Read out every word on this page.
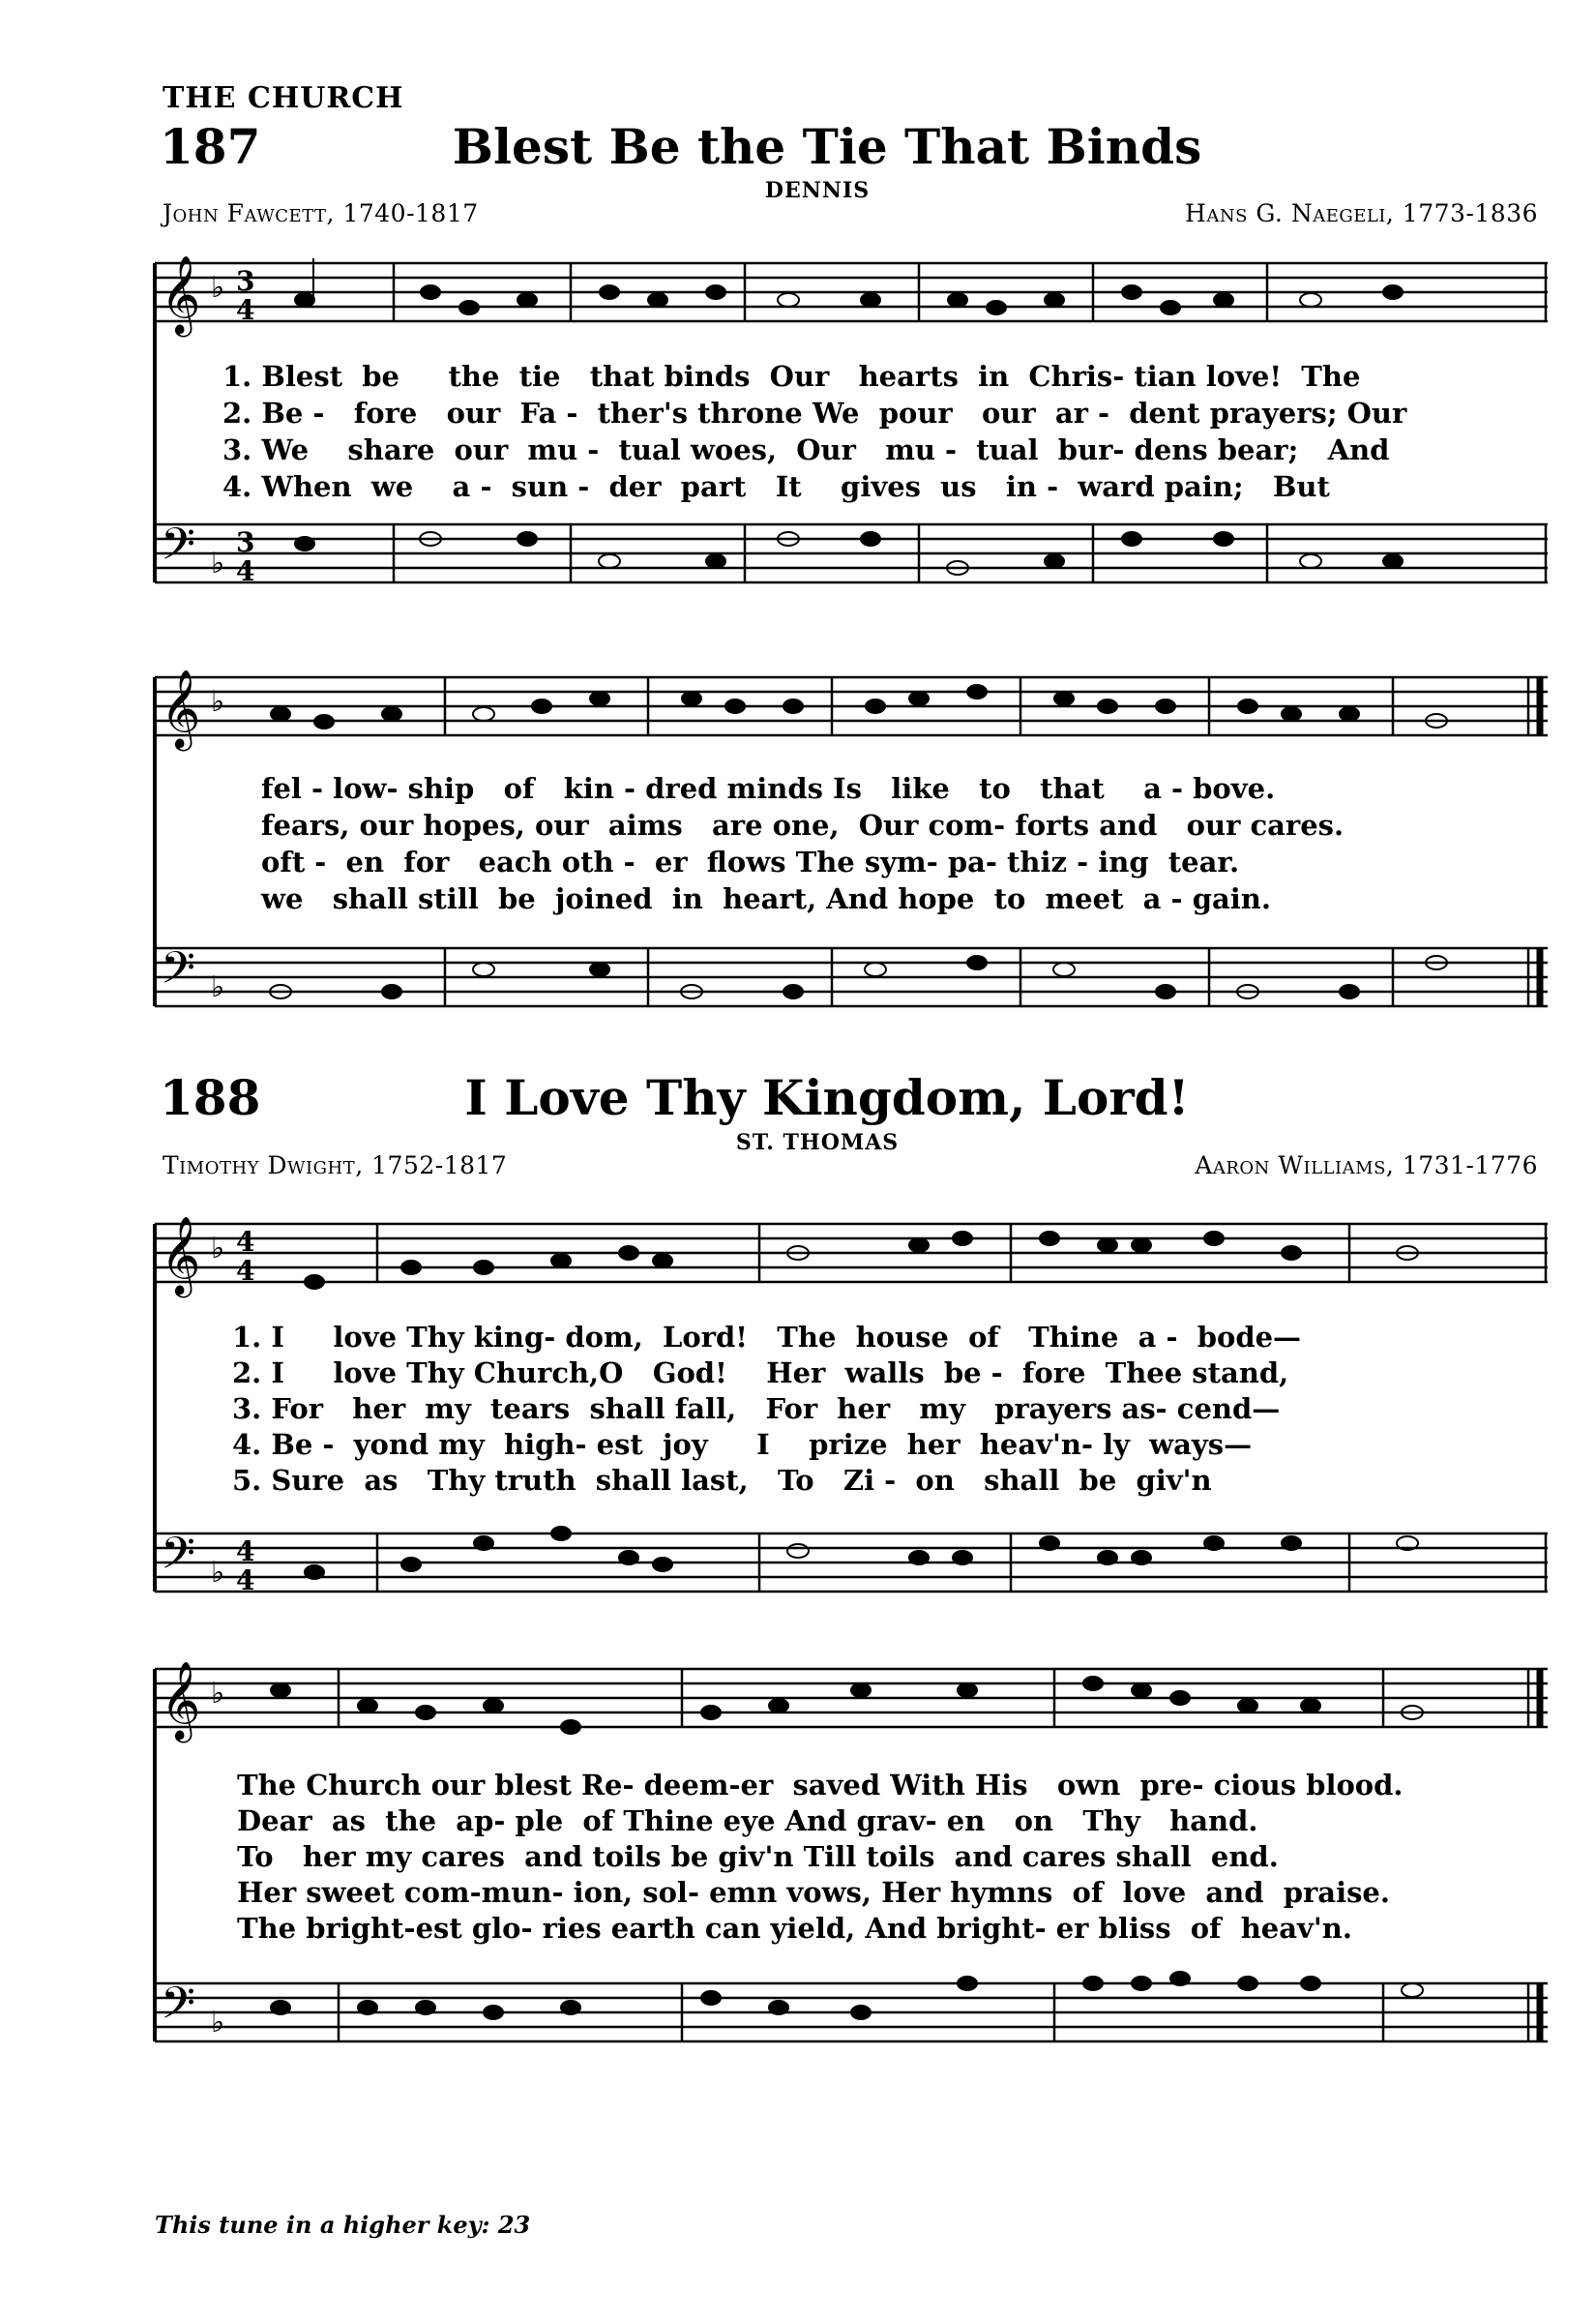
THE CHURCH
187	Blest Be the Tie That Binds
DENNIS
John Fawcett, 1740-1817	Hans G. Naegeli, 1773-1836
𝄞
𝄢
♭
♭
3
4
3
4
1. Blest  be     the  tie   that binds  Our   hearts  in  Chris- tian love!  The
2. Be -   fore   our  Fa -  ther's throne We  pour   our  ar -  dent prayers; Our
3. We    share  our  mu -  tual woes,  Our   mu -  tual  bur- dens bear;   And
4. When  we    a -  sun -  der  part   It    gives  us   in -  ward pain;   But
𝄞
𝄢
♭
♭
fel - low- ship   of   kin - dred minds Is   like   to   that    a - bove.
fears, our hopes, our  aims   are one,  Our com- forts and   our cares.
oft -  en  for   each oth -  er  flows The sym- pa- thiz - ing  tear.
we   shall still  be  joined  in  heart, And hope  to  meet  a - gain.
188	I Love Thy Kingdom, Lord!
ST. THOMAS
Timothy Dwight, 1752-1817	Aaron Williams, 1731-1776
𝄞
𝄢
♭
♭
4
4
4
4
1. I     love Thy king- dom,  Lord!   The  house  of   Thine  a -  bode—
2. I     love Thy Church,O   God!    Her  walls  be -  fore  Thee stand,
3. For   her  my  tears  shall fall,   For  her   my   prayers as- cend—
4. Be -  yond my  high- est  joy     I    prize  her  heav'n- ly  ways—
5. Sure  as   Thy truth  shall last,   To   Zi -  on   shall  be  giv'n
𝄞
𝄢
♭
♭
The Church our blest Re- deem-er  saved With His   own  pre- cious blood.
Dear  as  the  ap- ple  of Thine eye And grav- en   on   Thy   hand.
To   her my cares  and toils be giv'n Till toils  and cares shall  end.
Her sweet com-mun- ion, sol- emn vows, Her hymns  of  love  and  praise.
The bright-est glo- ries earth can yield, And bright- er bliss  of  heav'n.
This tune in a higher key: 23
